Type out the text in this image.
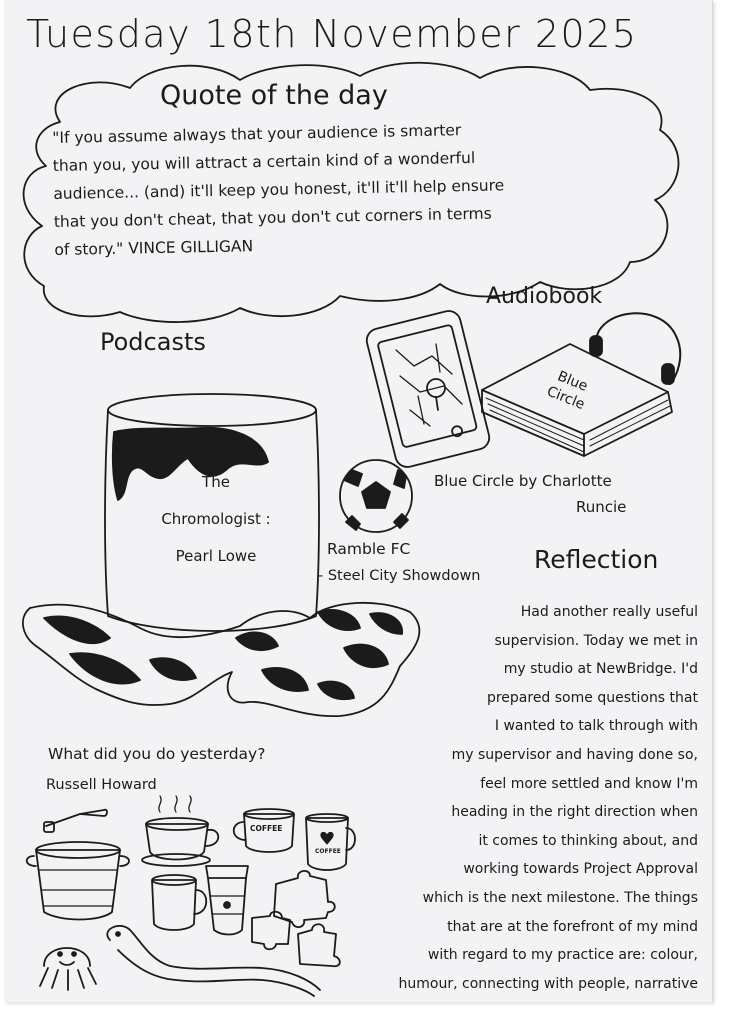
Tuesday 18th November 2025
Quote of the day
"If you assume always that your audience is smarter
than you, you will attract a certain kind of a wonderful
audience... (and) it'll keep you honest, it'll it'll help ensure
that you don't cheat, that you don't cut corners in terms
of story." VINCE GILLIGAN
Audiobook
Blue Circle
Blue Circle by Charlotte
Runcie
Podcasts
The
Chromologist :
Pearl Lowe	Ramble FC
- Steel City Showdown
Reflection
Had another really useful
supervision. Today we met in
my studio at NewBridge. I'd
prepared some questions that
I wanted to talk through with
my supervisor and having done so,
feel more settled and know I'm
heading in the right direction when
it comes to thinking about, and
working towards Project Approval
which is the next milestone. The things
that are at the forefront of my mind
with regard to my practice are: colour,
humour, connecting with people, narrative
What did you do yesterday?
Russell Howard
COFFEE
COFFEE
